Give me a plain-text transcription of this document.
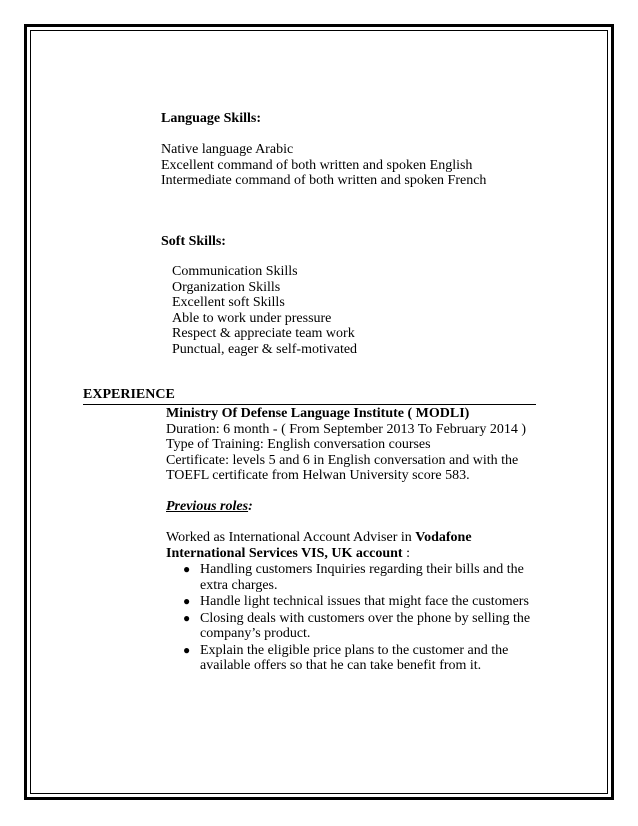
Language Skills:
Native language Arabic
Excellent command of both written and spoken English
Intermediate command of both written and spoken French
Soft Skills:
Communication Skills
Organization Skills
Excellent soft Skills
Able to work under pressure
Respect & appreciate team work
Punctual, eager & self-motivated
EXPERIENCE
Ministry Of Defense Language Institute ( MODLI)
Duration: 6 month - ( From September 2013 To February 2014 )
Type of Training: English conversation courses
Certificate: levels 5 and 6 in English conversation and with the
TOEFL certificate from Helwan University score 583.
Previous roles:
Worked as International Account Adviser in Vodafone
International Services VIS, UK account :
● Handling customers Inquiries regarding their bills and the
extra charges.
● Handle light technical issues that might face the customers
● Closing deals with customers over the phone by selling the
company’s product.
● Explain the eligible price plans to the customer and the
available offers so that he can take benefit from it.
